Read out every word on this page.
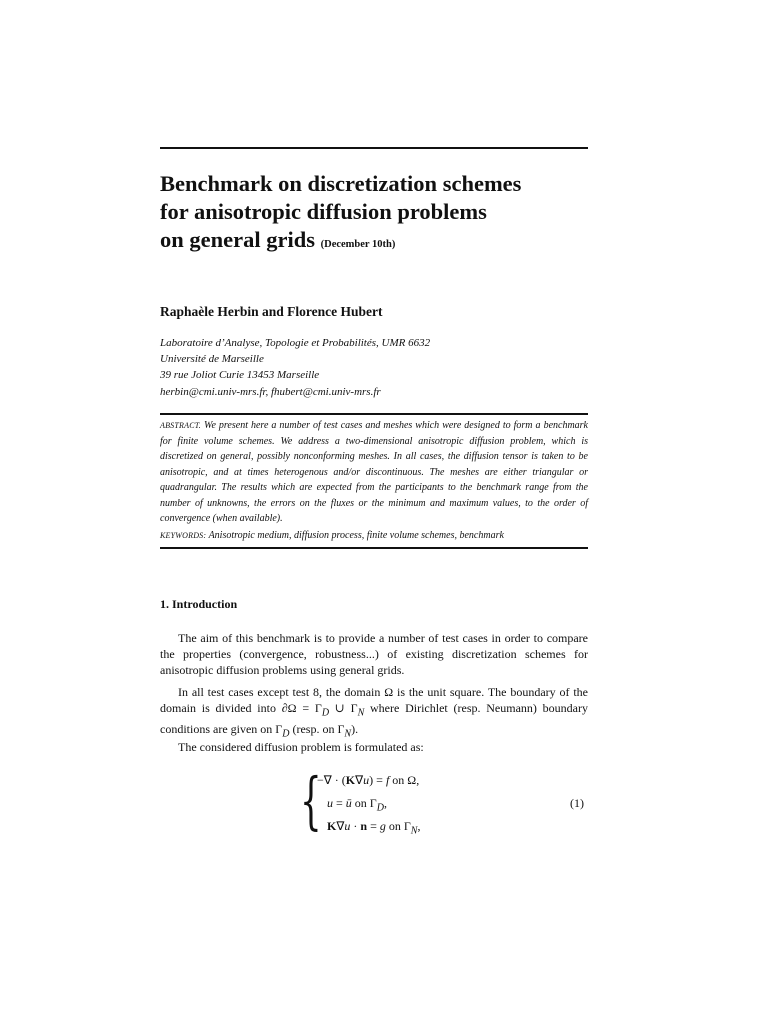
Benchmark on discretization schemes
for anisotropic diffusion problems
on general grids (December 10th)
Raphaèle Herbin and Florence Hubert
Laboratoire d’Analyse, Topologie et Probabilités, UMR 6632
Université de Marseille
39 rue Joliot Curie 13453 Marseille
herbin@cmi.univ-mrs.fr, fhubert@cmi.univ-mrs.fr
ABSTRACT. We present here a number of test cases and meshes which were designed to form a benchmark for finite volume schemes. We address a two-dimensional anisotropic diffusion problem, which is discretized on general, possibly nonconforming meshes. In all cases, the diffusion tensor is taken to be anisotropic, and at times heterogenous and/or discontinuous. The meshes are either triangular or quadrangular. The results which are expected from the participants to the benchmark range from the number of unknowns, the errors on the fluxes or the minimum and maximum values, to the order of convergence (when available).
KEYWORDS: Anisotropic medium, diffusion process, finite volume schemes, benchmark
1. Introduction
The aim of this benchmark is to provide a number of test cases in order to compare the properties (convergence, robustness...) of existing discretization schemes for anisotropic diffusion problems using general grids.
In all test cases except test 8, the domain Ω is the unit square. The boundary of the domain is divided into $\partial\Omega = \Gamma_D$ ∪ $\Gamma_N$ where Dirichlet (resp. Neumann) boundary conditions are given on $\Gamma_D$ (resp. on $\Gamma_N$).
The considered diffusion problem is formulated as:
{
−∇ · (K∇u) = f on Ω,
u = ū on $\Gamma_D$,
K∇u · n = g on $\Gamma_N$,
(1)
